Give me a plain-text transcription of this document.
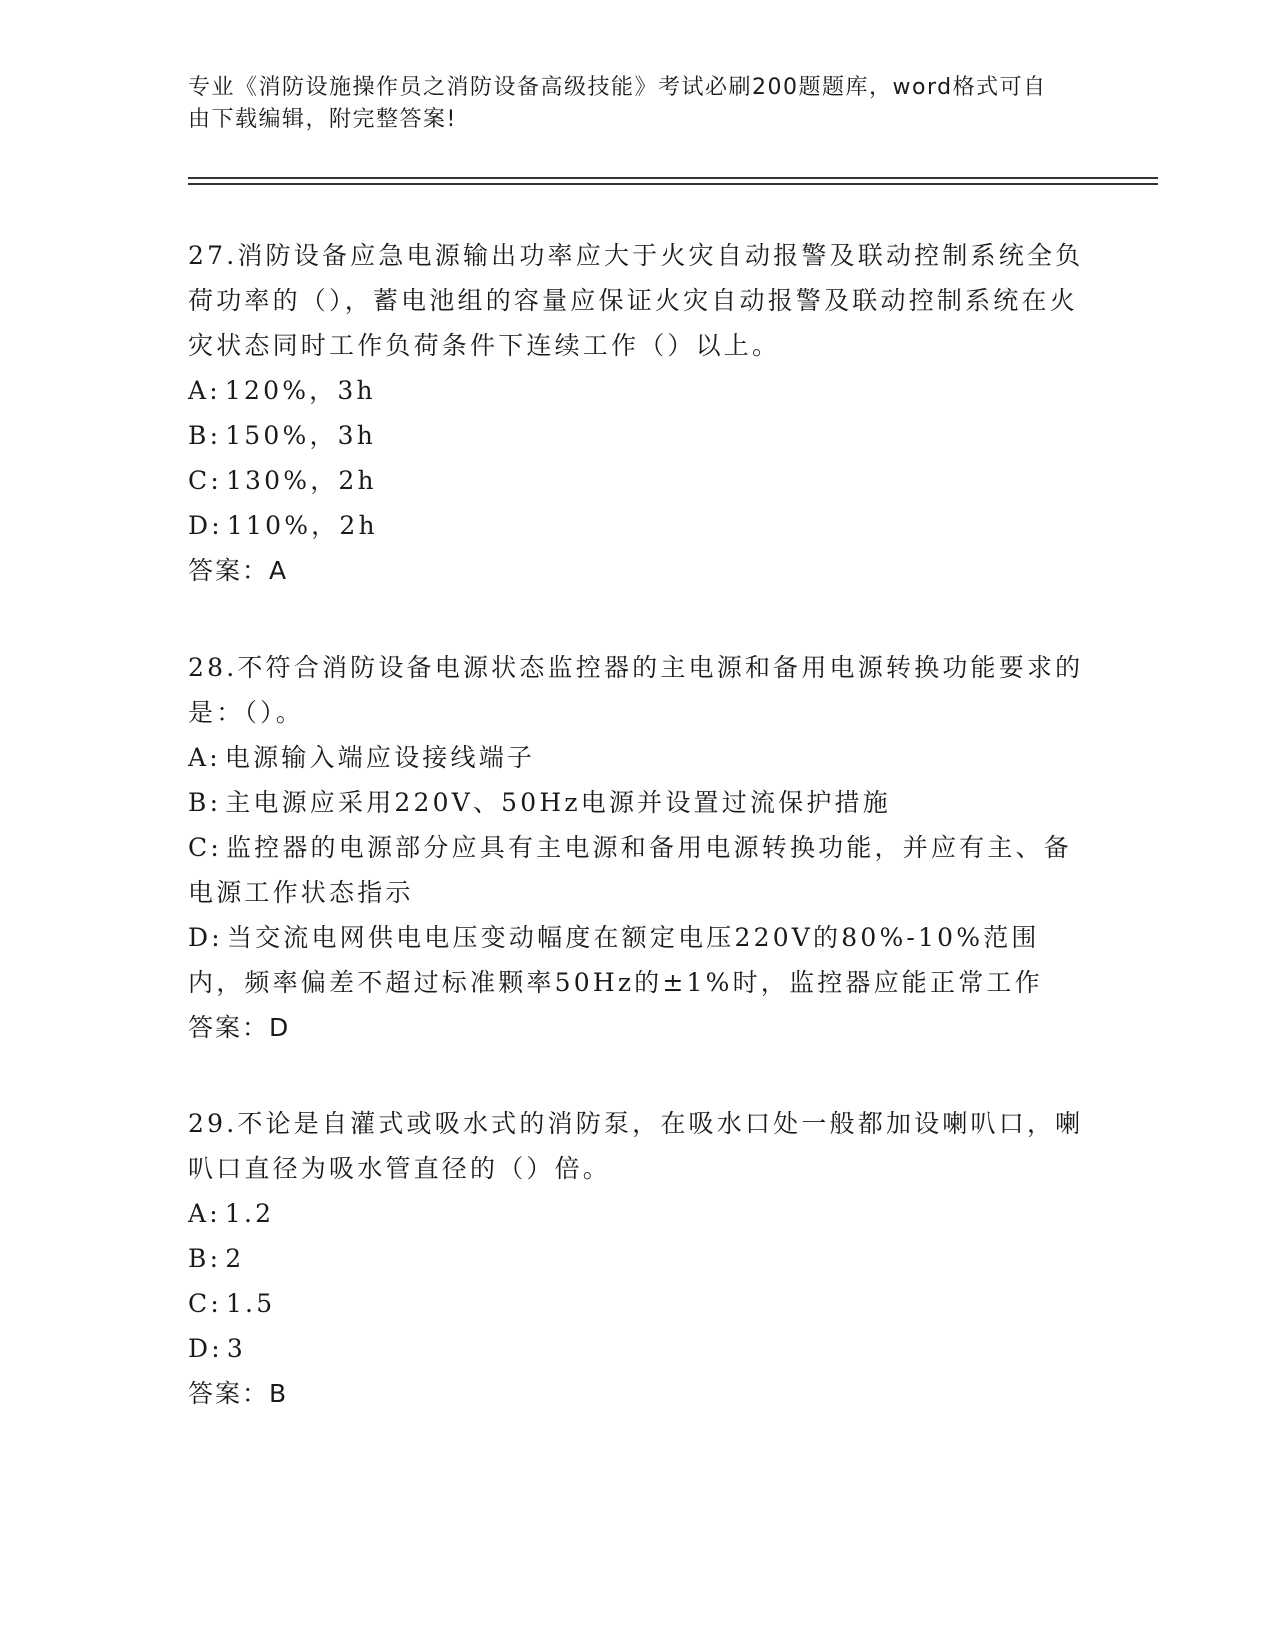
专业《消防设施操作员之消防设备高级技能》考试必刷200题题库，word格式可自由下载编辑，附完整答案!

27.消防设备应急电源输出功率应大于火灾自动报警及联动控制系统全负荷功率的（），蓄电池组的容量应保证火灾自动报警及联动控制系统在火灾状态同时工作负荷条件下连续工作（）以上。

A: 120%，3h

B: 150%，3h

C: 130%，2h

D: 110%，2h

答案：A

28.不符合消防设备电源状态监控器的主电源和备用电源转换功能要求的是：（）。

A: 电源输入端应设接线端子

B: 主电源应采用220V、50Hz电源并设置过流保护措施

C: 监控器的电源部分应具有主电源和备用电源转换功能，并应有主、备电源工作状态指示

D: 当交流电网供电电压变动幅度在额定电压220V的80%-10%范围内，频率偏差不超过标准颗率50Hz的±1%时，监控器应能正常工作

答案：D

29.不论是自灌式或吸水式的消防泵，在吸水口处一般都加设喇叭口，喇叭口直径为吸水管直径的（）倍。

A: 1.2

B: 2

C: 1.5

D: 3

答案：B
